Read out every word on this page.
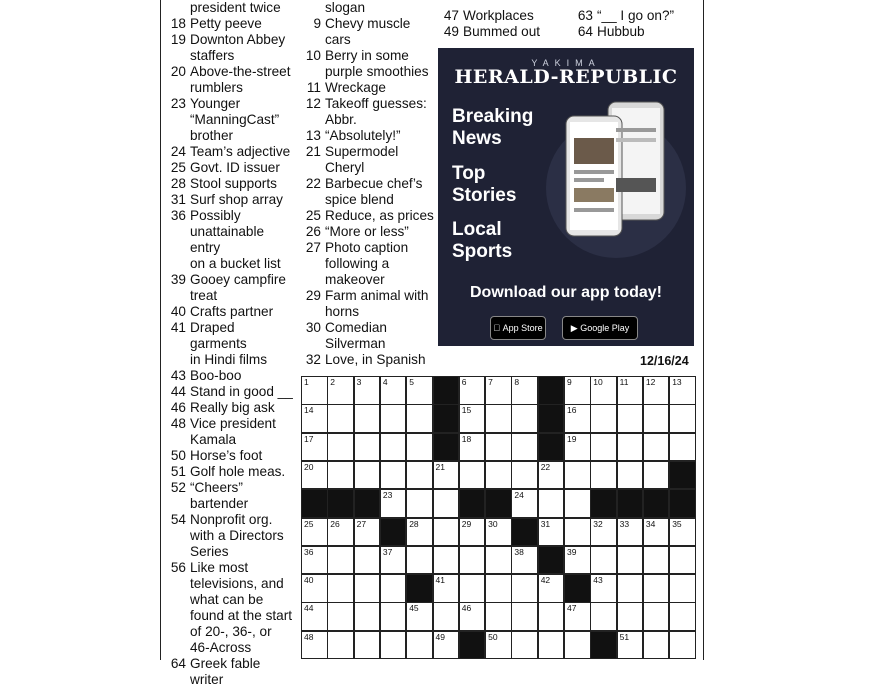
president twice
18 Petty peeve
19 Downton Abbey
staffers
20 Above-the-street
rumblers
23 Younger
“ManningCast”
brother
24 Team’s adjective
25 Govt. ID issuer
28 Stool supports
31 Surf shop array
36 Possibly
unattainable entry
on a bucket list
39 Gooey campfire
treat
40 Crafts partner
41 Draped garments
in Hindi films
43 Boo-boo
44 Stand in good __
46 Really big ask
48 Vice president
Kamala
50 Horse’s foot
51 Golf hole meas.
52 “Cheers”
bartender
54 Nonprofit org.
with a Directors
Series
56 Like most
televisions, and
what can be
found at the start
of 20-, 36-, or
46-Across
64 Greek fable
writer
slogan
9 Chevy muscle
cars
10 Berry in some
purple smoothies
11 Wreckage
12 Takeoff guesses:
Abbr.
13 “Absolutely!”
21 Supermodel
Cheryl
22 Barbecue chef’s
spice blend
25 Reduce, as prices
26 “More or less”
27 Photo caption
following a
makeover
29 Farm animal with
horns
30 Comedian
Silverman
32 Love, in Spanish
47 Workplaces
49 Bummed out
63 “__ I go on?”
64 Hubbub
YAKIMA
HERALD-REPUBLIC
Breaking News
Top Stories
Local Sports
Download our app today!
App Store	▶ Google Play
12/16/24
1	2	3	4	5	6	7	8	9	10 11 12 13
14	15	16
17	18	19
20	21	22
23	24
25 26 27	28	29 30	31	32 33 34 35
36	37	38	39
40	41	42	43
44	45	46	47
48	49	50	51
